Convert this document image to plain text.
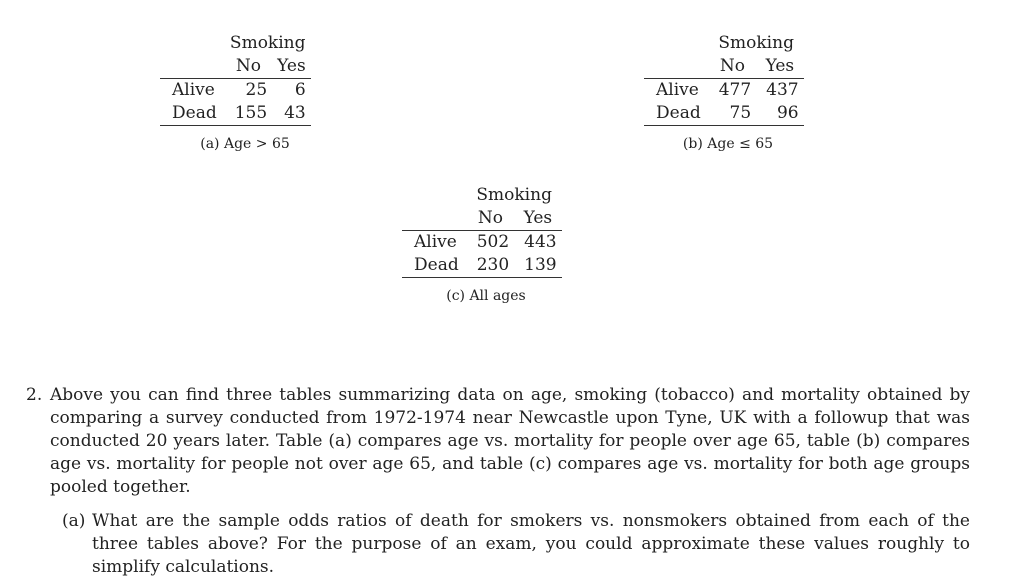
	Smoking	
	No	Yes
Alive	25	6
Dead	155	43
(a) Age > 65
	Smoking	
	No	Yes
Alive	477	437
Dead	75	96
(b) Age ≤ 65
	Smoking	
	No	Yes
Alive	502	443
Dead	230	139
(c) All ages
2. Above you can find three tables summarizing data on age, smoking (tobacco) and mortality obtained by comparing a survey conducted from 1972-1974 near Newcastle upon Tyne, UK with a followup that was conducted 20 years later. Table (a) compares age vs. mortality for people over age 65, table (b) compares age vs. mortality for people not over age 65, and table (c) compares age vs. mortality for both age groups pooled together.
(a) What are the sample odds ratios of death for smokers vs. nonsmokers obtained from each of the three tables above? For the purpose of an exam, you could approximate these values roughly to simplify calculations.
